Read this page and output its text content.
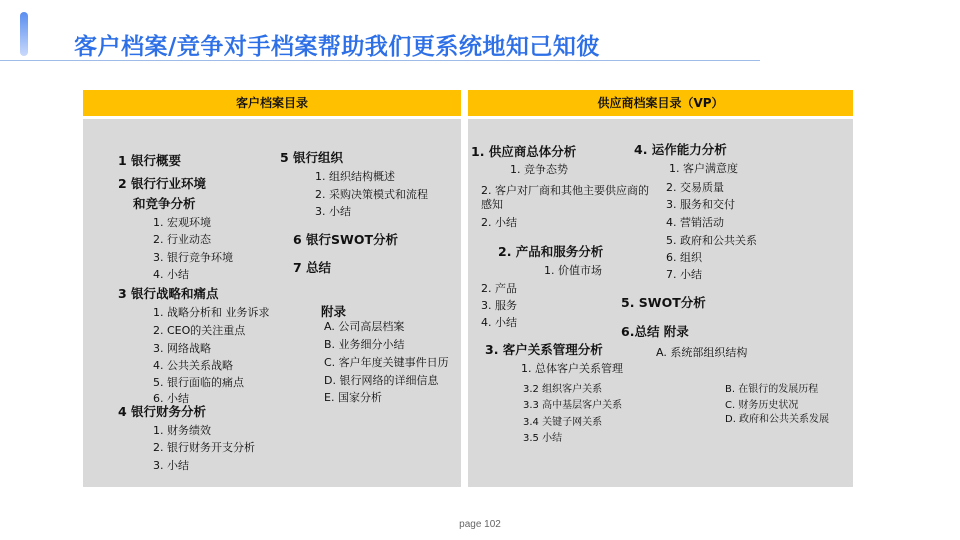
客户档案/竞争对手档案帮助我们更系统地知己知彼
客户档案目录
1 银行概要
2 银行行业环境
和竞争分析
1. 宏观环境
2. 行业动态
3. 银行竞争环境
4. 小结
3 银行战略和痛点
1. 战略分析和 业务诉求
2. CEO的关注重点
3. 网络战略
4. 公共关系战略
5. 银行面临的痛点
6. 小结
4 银行财务分析
1. 财务绩效
2. 银行财务开支分析
3. 小结
5 银行组织
1. 组织结构概述
2. 采购决策模式和流程
3. 小结
6 银行SWOT分析
7 总结
附录
A. 公司高层档案
B. 业务细分小结
C. 客户年度关键事件日历
D. 银行网络的详细信息
E. 国家分析
供应商档案目录（VP）
1. 供应商总体分析
1. 竞争态势
2. 客户对厂商和其他主要供应商的
感知
2. 小结
2. 产品和服务分析
1. 价值市场
2. 产品
3. 服务
4. 小结
3. 客户关系管理分析
1. 总体客户关系管理
3.2 组织客户关系
3.3 高中基层客户关系
3.4 关键子网关系
3.5 小结
4. 运作能力分析
1. 客户满意度
2. 交易质量
3. 服务和交付
4. 营销活动
5. 政府和公共关系
6. 组织
7. 小结
5. SWOT分析
6.总结 附录
A. 系统部组织结构
B. 在银行的发展历程
C. 财务历史状况
D. 政府和公共关系发展
page 102
